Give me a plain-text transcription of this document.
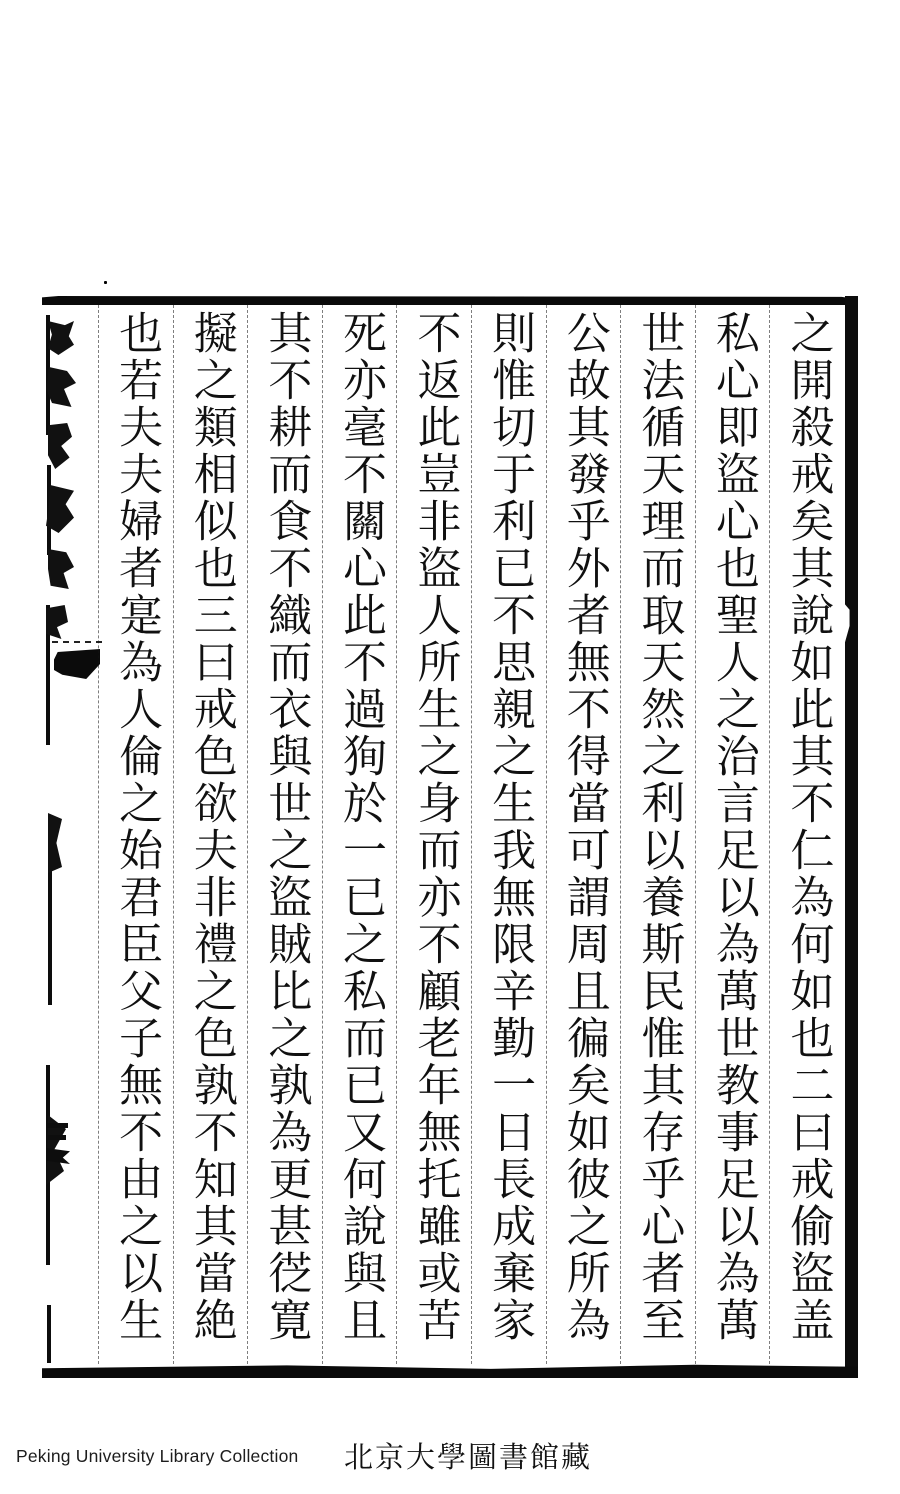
之開殺戒矣其說如此其不仁為何如也二曰戒偷盜盖
私心即盜心也聖人之治言足以為萬世教事足以為萬
世法循天理而取天然之利以養斯民惟其存乎心者至
公故其發乎外者無不得當可謂周且徧矣如彼之所為
則惟切于利已不思親之生我無限辛勤一日長成棄家
不返此豈非盜人所生之身而亦不顧老年無托雖或苦
死亦毫不關心此不過狥於一已之私而已又何說與且
其不耕而食不織而衣與世之盜賊比之孰為更甚徔寛
擬之類相似也三曰戒色欲夫非禮之色孰不知其當絶
也若夫夫婦者寔為人倫之始君臣父子無不由之以生
Peking University Library Collection 北京大學圖書館藏
